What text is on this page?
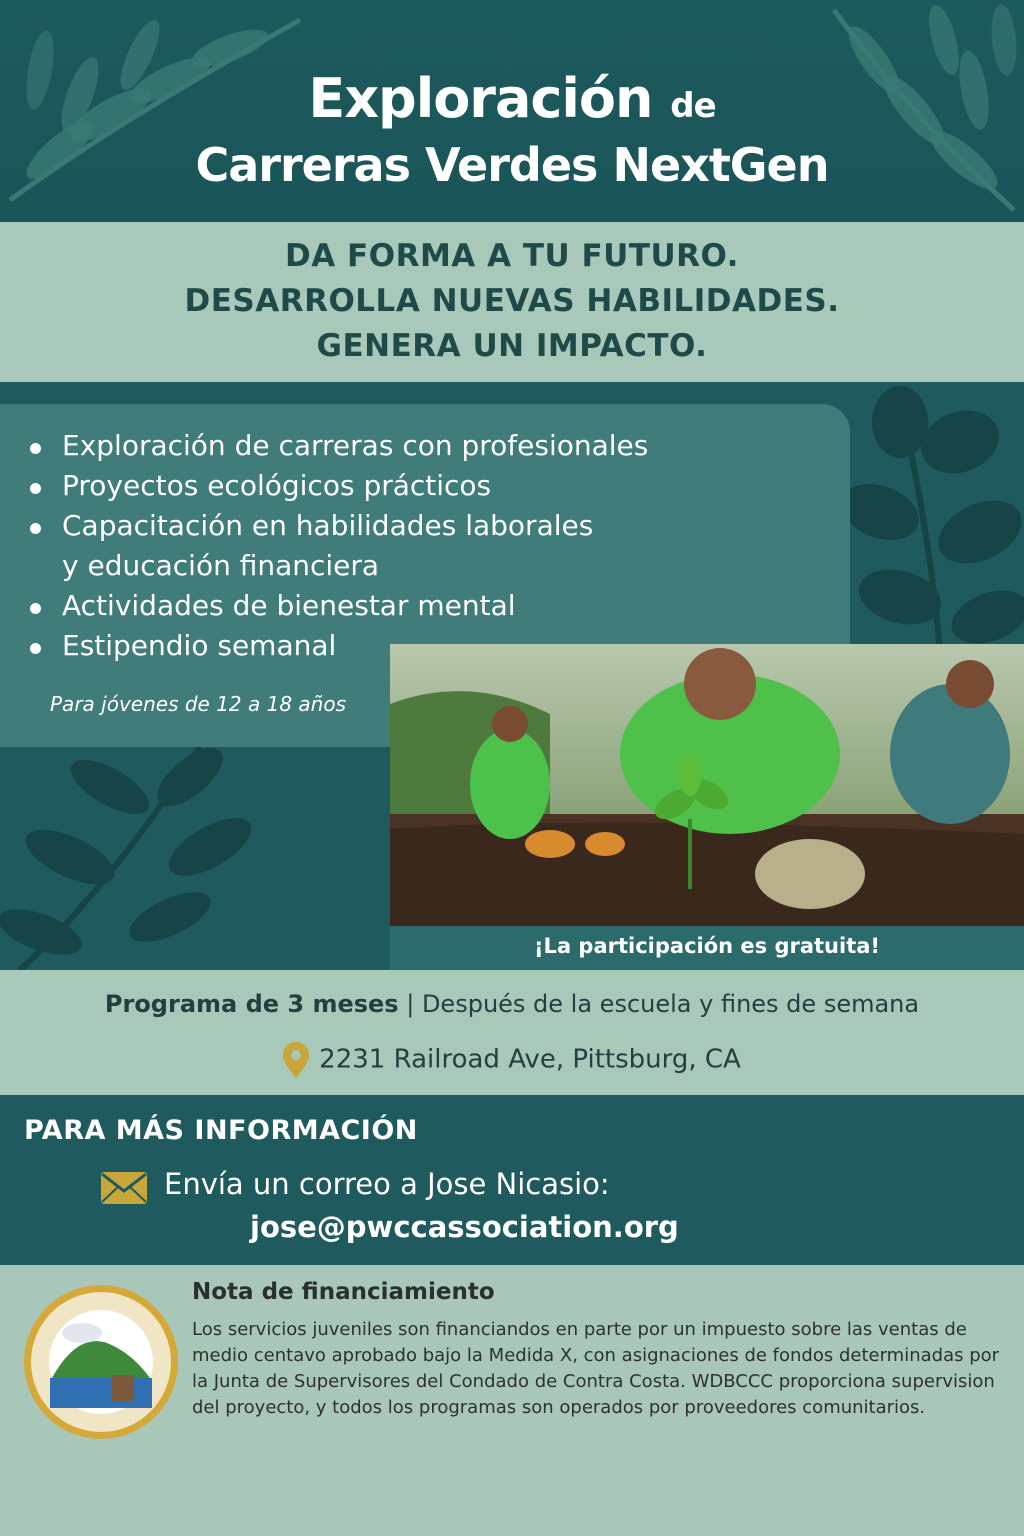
Exploración de
Carreras Verdes NextGen
DA FORMA A TU FUTURO.
DESARROLLA NUEVAS HABILIDADES.
GENERA UN IMPACTO.
Exploración de carreras con profesionales
Proyectos ecológicos prácticos
Capacitación en habilidades laborales
y educación financiera
Actividades de bienestar mental
Estipendio semanal
Para jóvenes de 12 a 18 años
¡La participación es gratuita!
Programa de 3 meses | Después de la escuela y fines de semana
2231 Railroad Ave, Pittsburg, CA
PARA MÁS INFORMACIÓN
Envía un correo a Jose Nicasio:
jose@pwccassociation.org
Nota de financiamiento
Los servicios juveniles son financiandos en parte por un impuesto sobre las ventas de medio centavo aprobado bajo la Medida X, con asignaciones de fondos determinadas por la Junta de Supervisores del Condado de Contra Costa. WDBCCC proporciona supervision del proyecto, y todos los programas son operados por proveedores comunitarios.
